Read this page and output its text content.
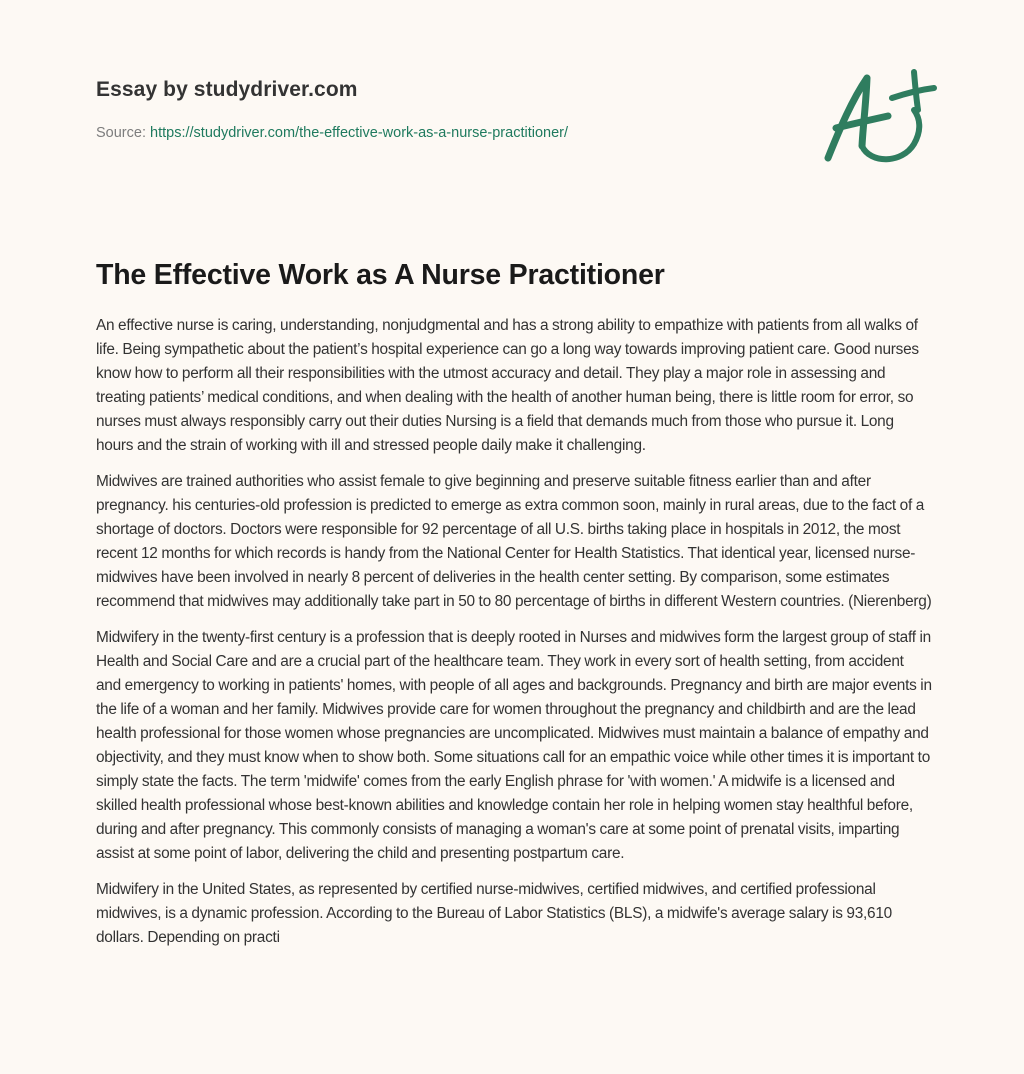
Essay by studydriver.com
Source: https://studydriver.com/the-effective-work-as-a-nurse-practitioner/
The Effective Work as A Nurse Practitioner

An effective nurse is caring, understanding, nonjudgmental and has a strong ability to empathize with patients from all walks of life. Being sympathetic about the patient’s hospital experience can go a long way towards improving patient care. Good nurses know how to perform all their responsibilities with the utmost accuracy and detail. They play a major role in assessing and treating patients’ medical conditions, and when dealing with the health of another human being, there is little room for error, so nurses must always responsibly carry out their duties Nursing is a field that demands much from those who pursue it. Long hours and the strain of working with ill and stressed people daily make it challenging.

Midwives are trained authorities who assist female to give beginning and preserve suitable fitness earlier than and after pregnancy. his centuries-old profession is predicted to emerge as extra common soon, mainly in rural areas, due to the fact of a shortage of doctors. Doctors were responsible for 92 percentage of all U.S. births taking place in hospitals in 2012, the most recent 12 months for which records is handy from the National Center for Health Statistics. That identical year, licensed nurse-midwives have been involved in nearly 8 percent of deliveries in the health center setting. By comparison, some estimates recommend that midwives may additionally take part in 50 to 80 percentage of births in different Western countries. (Nierenberg)

Midwifery in the twenty-first century is a profession that is deeply rooted in Nurses and midwives form the largest group of staff in Health and Social Care and are a crucial part of the healthcare team. They work in every sort of health setting, from accident and emergency to working in patients' homes, with people of all ages and backgrounds. Pregnancy and birth are major events in the life of a woman and her family. Midwives provide care for women throughout the pregnancy and childbirth and are the lead health professional for those women whose pregnancies are uncomplicated. Midwives must maintain a balance of empathy and objectivity, and they must know when to show both. Some situations call for an empathic voice while other times it is important to simply state the facts. The term 'midwife' comes from the early English phrase for 'with women.' A midwife is a licensed and skilled health professional whose best-known abilities and knowledge contain her role in helping women stay healthful before, during and after pregnancy. This commonly consists of managing a woman's care at some point of prenatal visits, imparting assist at some point of labor, delivering the child and presenting postpartum care.

Midwifery in the United States, as represented by certified nurse-midwives, certified midwives, and certified professional midwives, is a dynamic profession. According to the Bureau of Labor Statistics (BLS), a midwife's average salary is 93,610 dollars. Depending on practi
